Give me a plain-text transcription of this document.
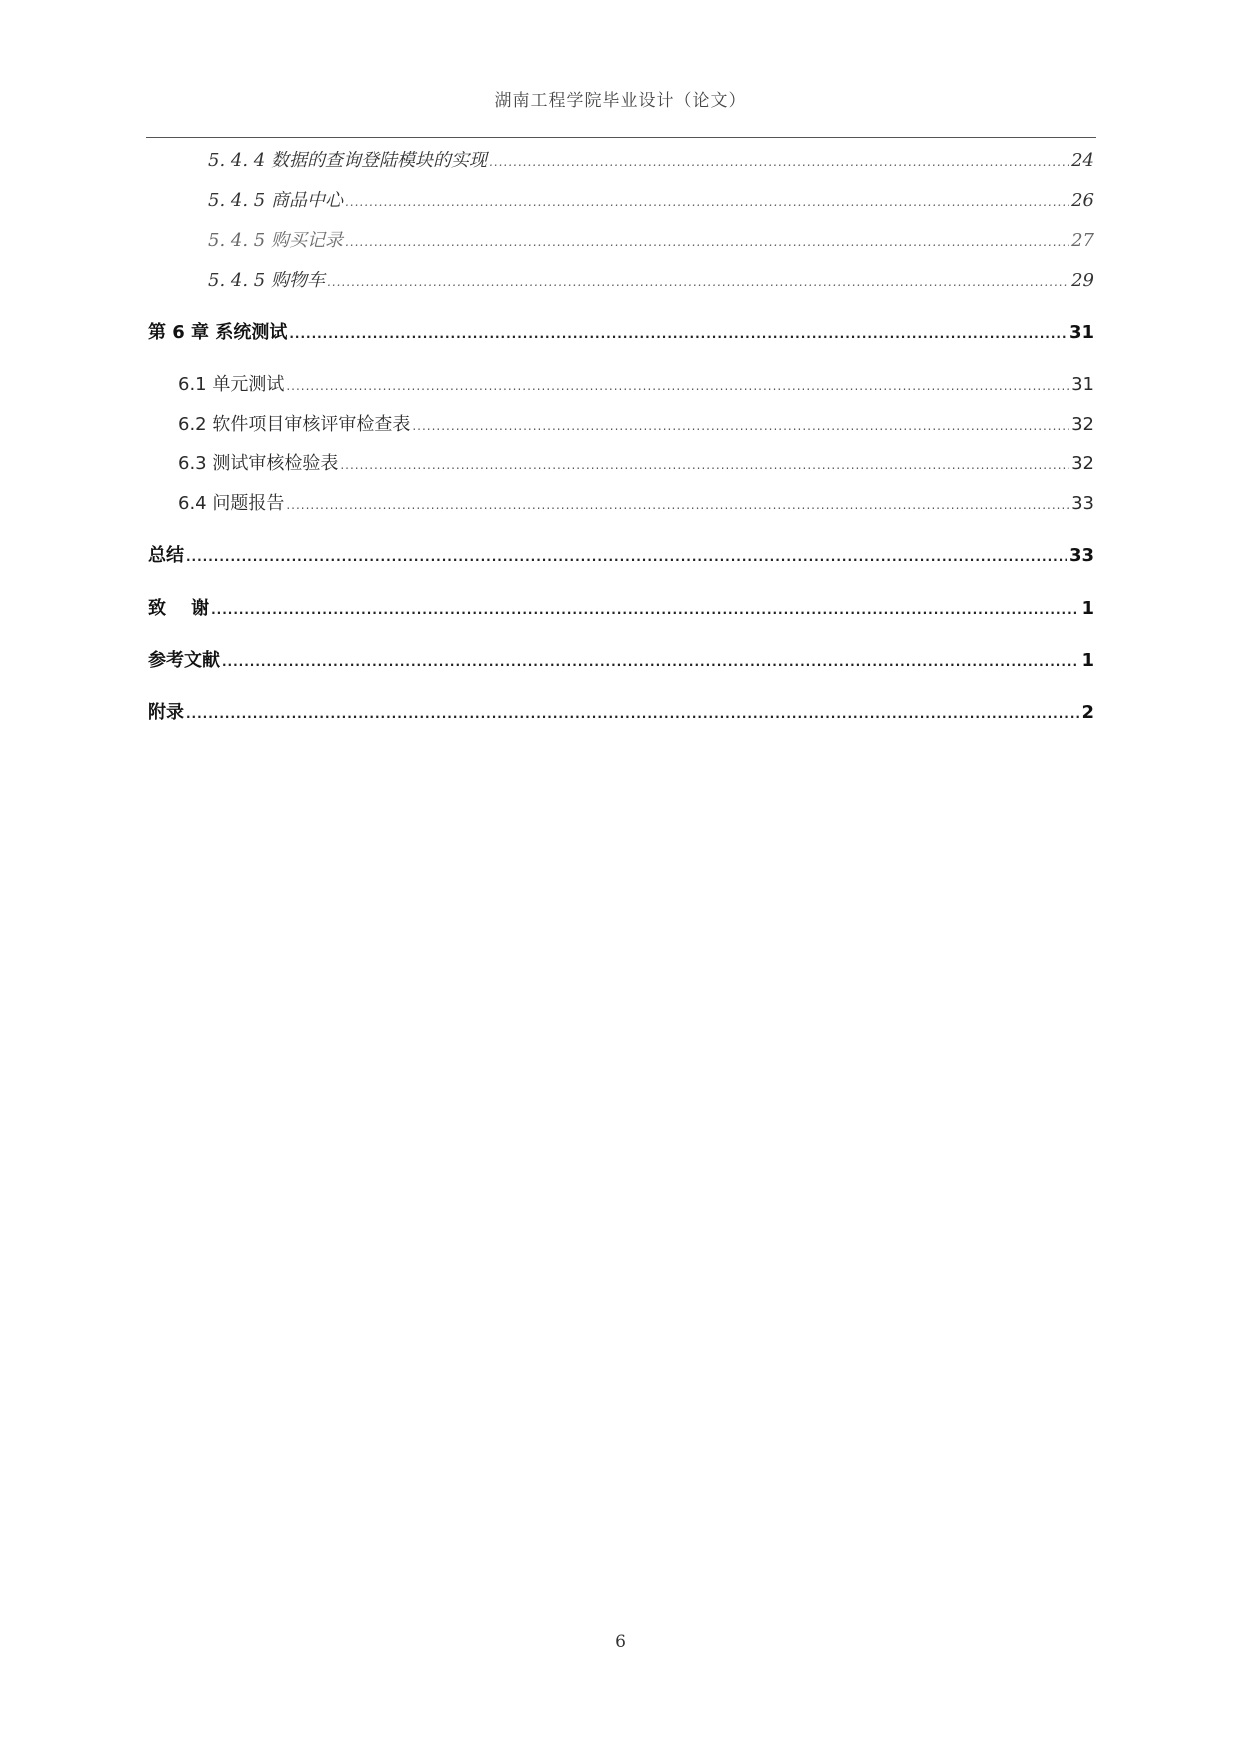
湖南工程学院毕业设计（论文）
5. 4. 4 数据的查询登陆模块的实现 .....	24
5. 4. 5 商品中心 .....	26
5. 4. 5 购买记录 .....	27
5. 4. 5 购物车 .....	29
第 6 章 系统测试 .....	31
6.1 单元测试 .....	31
6.2 软件项目审核评审检查表 .....	32
6.3 测试审核检验表 .....	32
6.4 问题报告 .....	33
总结 .....	33
致    谢 .....	1
参考文献 .....	1
附录 .....	2
6
